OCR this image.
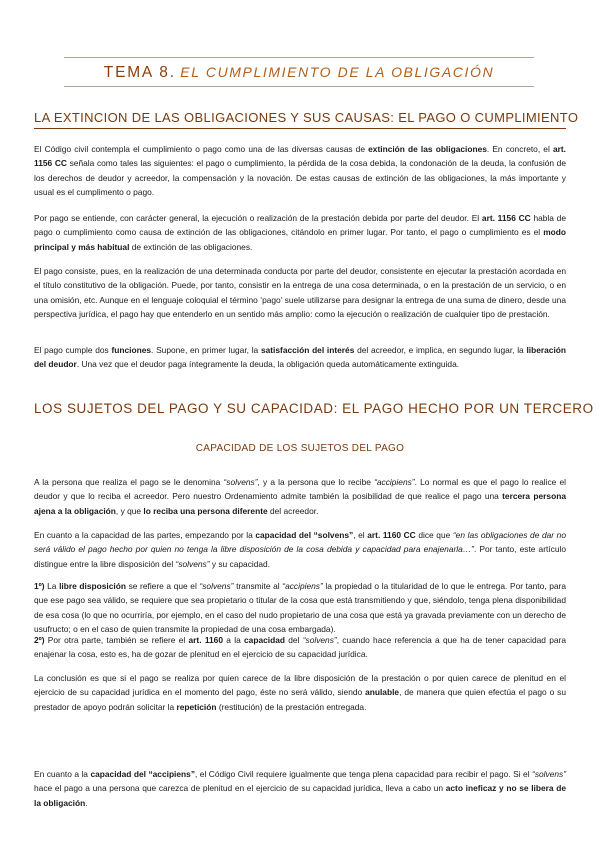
TEMA 8. EL CUMPLIMIENTO DE LA OBLIGACIÓN
LA EXTINCION DE LAS OBLIGACIONES Y SUS CAUSAS: EL PAGO O CUMPLIMIENTO

El Código civil contempla el cumplimiento o pago como una de las diversas causas de extinción de las obligaciones. En concreto, el art. 1156 CC señala como tales las siguientes: el pago o cumplimiento, la pérdida de la cosa debida, la condonación de la deuda, la confusión de los derechos de deudor y acreedor, la compensación y la novación. De estas causas de extinción de las obligaciones, la más importante y usual es el cumplimento o pago.

Por pago se entiende, con carácter general, la ejecución o realización de la prestación debida por parte del deudor. El art. 1156 CC habla de pago o cumplimiento como causa de extinción de las obligaciones, citándolo en primer lugar. Por tanto, el pago o cumplimiento es el modo principal y más habitual de extinción de las obligaciones.

El pago consiste, pues, en la realización de una determinada conducta por parte del deudor, consistente en ejecutar la prestación acordada en el título constitutivo de la obligación. Puede, por tanto, consistir en la entrega de una cosa determinada, o en la prestación de un servicio, o en una omisión, etc. Aunque en el lenguaje coloquial el término ‘pago’ suele utilizarse para designar la entrega de una suma de dinero, desde una perspectiva jurídica, el pago hay que entenderlo en un sentido más amplio: como la ejecución o realización de cualquier tipo de prestación.

El pago cumple dos funciones. Supone, en primer lugar, la satisfacción del interés del acreedor, e implica, en segundo lugar, la liberación del deudor. Una vez que el deudor paga íntegramente la deuda, la obligación queda automáticamente extinguida.

LOS SUJETOS DEL PAGO Y SU CAPACIDAD: EL PAGO HECHO POR UN TERCERO
CAPACIDAD DE LOS SUJETOS DEL PAGO

A la persona que realiza el pago se le denomina “solvens”, y a la persona que lo recibe “accipiens”. Lo normal es que el pago lo realice el deudor y que lo reciba el acreedor. Pero nuestro Ordenamiento admite también la posibilidad de que realice el pago una tercera persona ajena a la obligación, y que lo reciba una persona diferente del acreedor.

En cuanto a la capacidad de las partes, empezando por la capacidad del “solvens”, el art. 1160 CC dice que “en las obligaciones de dar no será válido el pago hecho por quien no tenga la libre disposición de la cosa debida y capacidad para enajenarla…”. Por tanto, este artículo distingue entre la libre disposición del “solvens” y su capacidad.

1º) La libre disposición se refiere a que el “solvens” transmite al “accipiens” la propiedad o la titularidad de lo que le entrega. Por tanto, para que ese pago sea válido, se requiere que sea propietario o titular de la cosa que está transmitiendo y que, siéndolo, tenga plena disponibilidad de esa cosa (lo que no ocurriría, por ejemplo, en el caso del nudo propietario de una cosa que está ya gravada previamente con un derecho de usufructo; o en el caso de quien transmite la propiedad de una cosa embargada).

2º) Por otra parte, también se refiere el art. 1160 a la capacidad del “solvens”, cuando hace referencia a que ha de tener capacidad para enajenar la cosa, esto es, ha de gozar de plenitud en el ejercicio de su capacidad jurídica.

La conclusión es que si el pago se realiza por quien carece de la libre disposición de la prestación o por quien carece de plenitud en el ejercicio de su capacidad jurídica en el momento del pago, éste no será válido, siendo anulable, de manera que quien efectúa el pago o su prestador de apoyo podrán solicitar la repetición (restitución) de la prestación entregada.

En cuanto a la capacidad del “accipiens”, el Código Civil requiere igualmente que tenga plena capacidad para recibir el pago. Si el “solvens” hace el pago a una persona que carezca de plenitud en el ejercicio de su capacidad jurídica, lleva a cabo un acto ineficaz y no se libera de la obligación.
